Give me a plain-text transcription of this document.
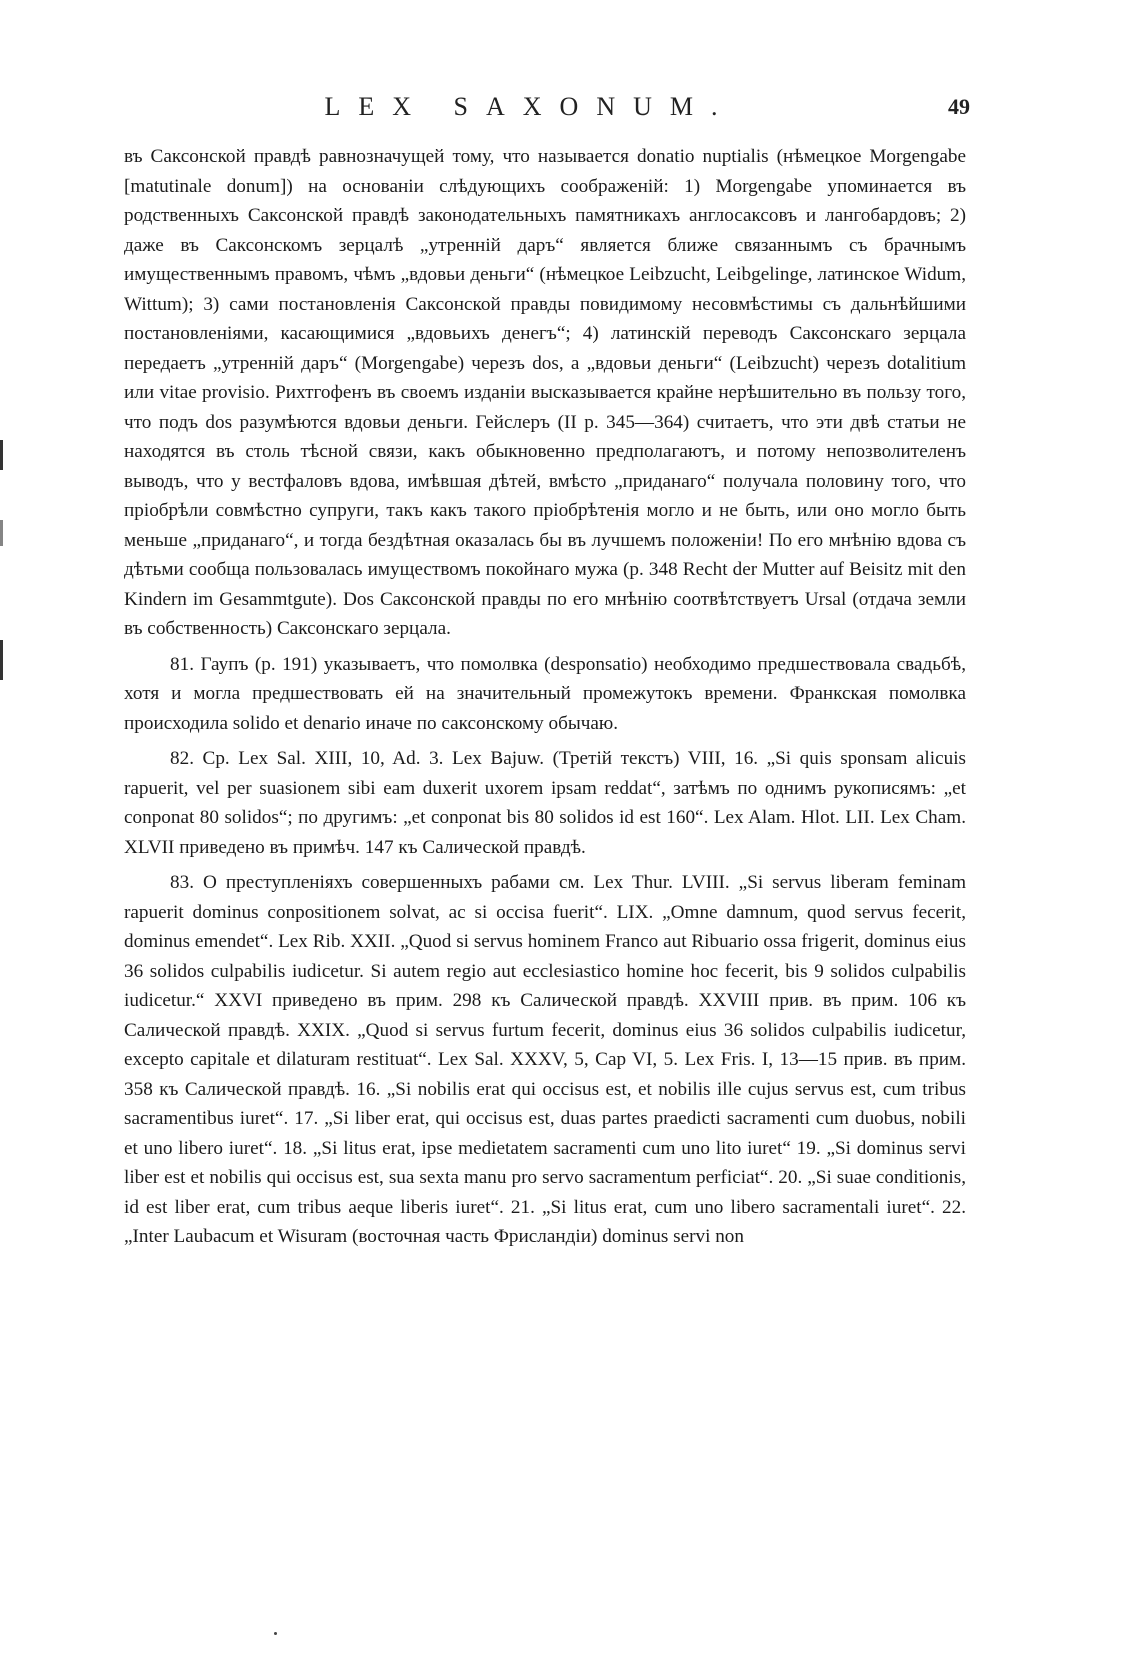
LEX SAXONUM.	49

въ Саксонской правдѣ равнозначущей тому, что называется donatio nuptialis (нѣмецкое Morgengabe [matutinale donum]) на основаніи слѣдующихъ соображеній: 1) Morgengabe упоминается въ родственныхъ Саксонской правдѣ законодательныхъ памятникахъ англосаксовъ и лангобардовъ; 2) даже въ Саксонскомъ зерцалѣ „утренній даръ“ является ближе связаннымъ съ брачнымъ имущественнымъ правомъ, чѣмъ „вдовьи деньги“ (нѣмецкое Leibzucht, Leibgelinge, латинское Widum, Wittum); 3) сами постановленія Саксонской правды повидимому несовмѣстимы съ дальнѣйшими постановленіями, касающимися „вдовьихъ денегъ“; 4) латинскій переводъ Саксонскаго зерцала передаетъ „утренній даръ“ (Morgengabe) черезъ dos, а „вдовьи деньги“ (Leibzucht) черезъ dotalitium или vitae provisio. Рихтгофенъ въ своемъ изданіи высказывается крайне нерѣшительно въ пользу того, что подъ dos разумѣются вдовьи деньги. Гейслеръ (II p. 345—364) считаетъ, что эти двѣ статьи не находятся въ столь тѣсной связи, какъ обыкновенно предполагаютъ, и потому непозволителенъ выводъ, что у вестфаловъ вдова, имѣвшая дѣтей, вмѣсто „приданаго“ получала половину того, что пріобрѣли совмѣстно супруги, такъ какъ такого пріобрѣтенія могло и не быть, или оно могло быть меньше „приданаго“, и тогда бездѣтная оказалась бы въ лучшемъ положеніи! По его мнѣнію вдова съ дѣтьми сообща пользовалась имуществомъ покойнаго мужа (p. 348 Recht der Mutter auf Beisitz mit den Kindern im Gesammtgute). Dos Саксонской правды по его мнѣнію соотвѣтствуетъ Ursal (отдача земли въ собственность) Саксонскаго зерцала.

81. Гаупъ (p. 191) указываетъ, что помолвка (desponsatio) необходимо предшествовала свадьбѣ, хотя и могла предшествовать ей на значительный промежутокъ времени. Франкская помолвка происходила solido et denario иначе по саксонскому обычаю.

82. Ср. Lex Sal. XIII, 10, Ad. 3. Lex Bajuw. (Третій текстъ) VIII, 16. „Si quis sponsam alicuis rapuerit, vel per suasionem sibi eam duxerit uxorem ipsam reddat“, затѣмъ по однимъ рукописямъ: „et conponat 80 solidos“; по другимъ: „et conponat bis 80 solidos id est 160“. Lex Alam. Hlot. LII. Lex Cham. XLVII приведено въ примѣч. 147 къ Салической правдѣ.

83. О преступленіяхъ совершенныхъ рабами см. Lex Thur. LVIII. „Si servus liberam feminam rapuerit dominus conpositionem solvat, ac si occisa fuerit“. LIX. „Omne damnum, quod servus fecerit, dominus emendet“. Lex Rib. XXII. „Quod si servus hominem Franco aut Ribuario ossa frigerit, dominus eius 36 solidos culpabilis iudicetur. Si autem regio aut ecclesiastico homine hoc fecerit, bis 9 solidos culpabilis iudicetur.“ XXVI приведено въ прим. 298 къ Салической правдѣ. XXVIII прив. въ прим. 106 къ Салической правдѣ. XXIX. „Quod si servus furtum fecerit, dominus eius 36 solidos culpabilis iudicetur, excepto capitale et dilaturam restituat“. Lex Sal. XXXV, 5, Cap VI, 5. Lex Fris. I, 13—15 прив. въ прим. 358 къ Салической правдѣ. 16. „Si nobilis erat qui occisus est, et nobilis ille cujus servus est, cum tribus sacramentibus iuret“. 17. „Si liber erat, qui occisus est, duas partes praedicti sacramenti cum duobus, nobili et uno libero iuret“. 18. „Si litus erat, ipse medietatem sacramenti cum uno lito iuret“ 19. „Si dominus servi liber est et nobilis qui occisus est, sua sexta manu pro servo sacramentum perficiat“. 20. „Si suae conditionis, id est liber erat, cum tribus aeque liberis iuret“. 21. „Si litus erat, cum uno libero sacramentali iuret“. 22. „Inter Laubacum et Wisuram (восточная часть Фрисландіи) dominus servi non
